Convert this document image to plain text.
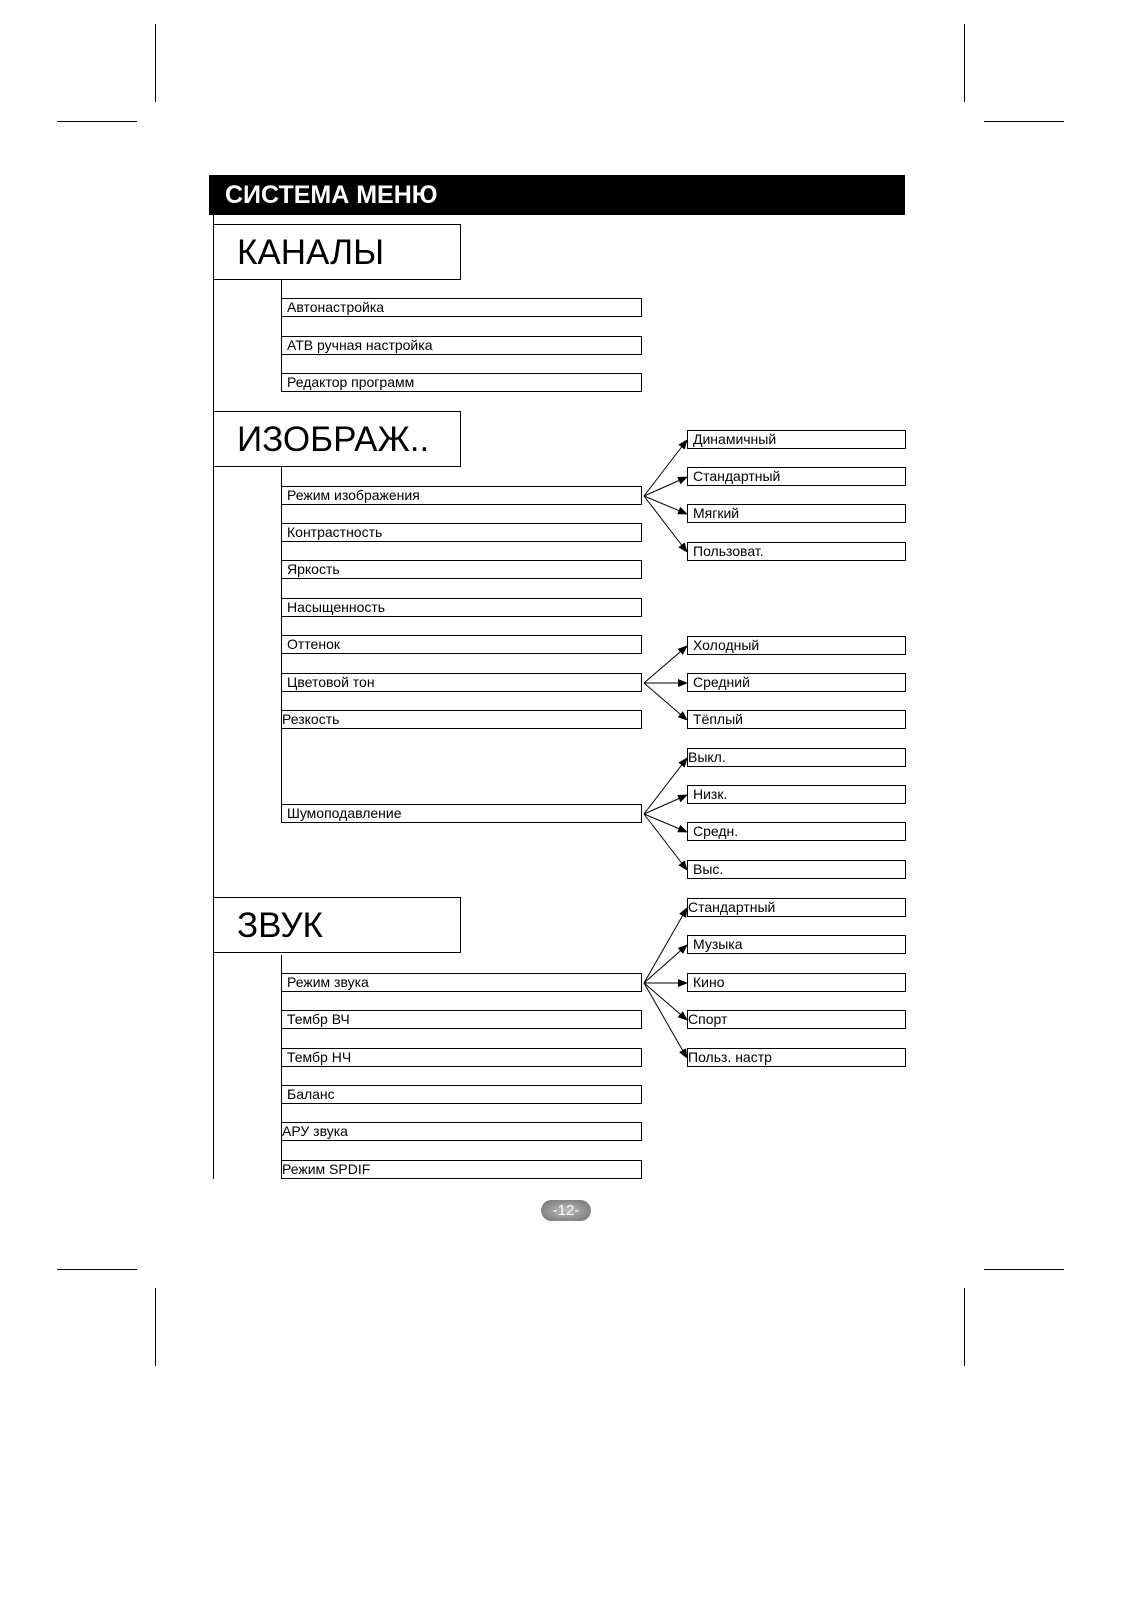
СИСТЕМА МЕНЮ
КАНАЛЫ
Автонастройка
АТВ ручная настройка
Редактор программ
ИЗОБРАЖ..
Режим изображения
Контрастность
Яркость
Насыщенность
Оттенок
Цветовой тон
Резкость
Шумоподавление
Динамичный
Стандартный
Мягкий
Пользоват.
Холодный
Средний
Тёплый
Выкл.
Низк.
Средн.
Выс.
ЗВУК
Режим звука
Тембр ВЧ
Тембр НЧ
Баланс
АРУ звука
Режим SPDIF
Стандартный
Музыка
Кино
Спорт
Польз. настр
-12-
